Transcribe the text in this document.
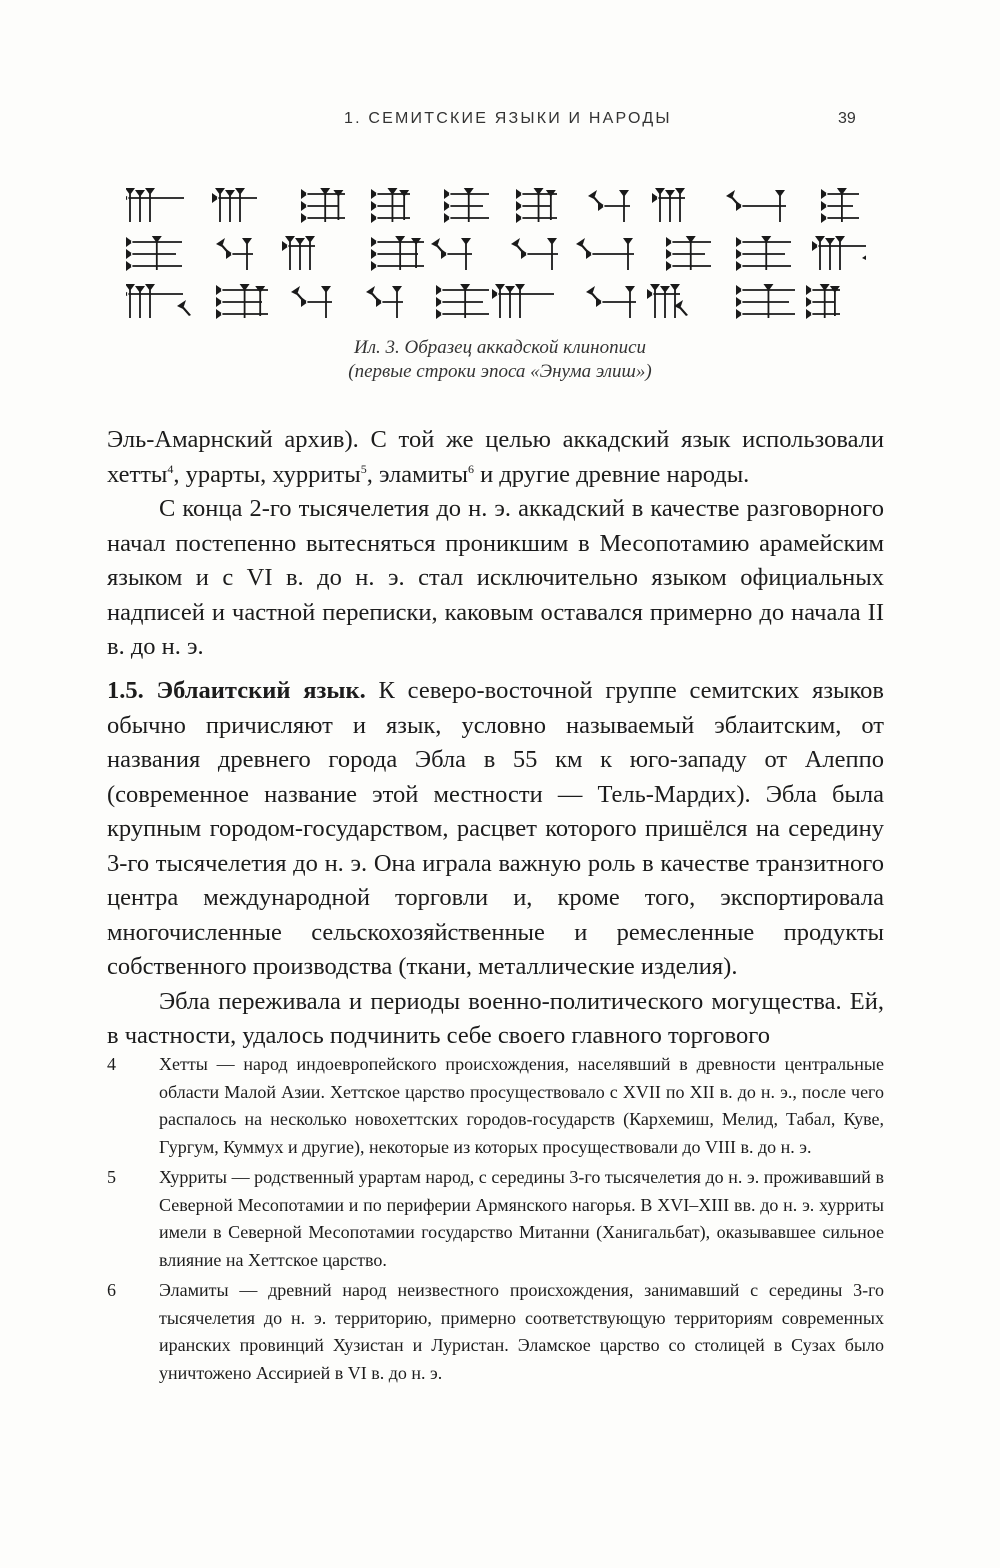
1. СЕМИТСКИЕ ЯЗЫКИ И НАРОДЫ	39
Ил. 3. Образец аккадской клинописи
(первые строки эпоса «Энума элиш»)

Эль-Амарнский архив). С той же целью аккадский язык использовали хетты$^4$, урарты, хурриты$^5$, эламиты$^6$ и другие древние народы.

С конца 2-го тысячелетия до н. э. аккадский в качестве разговорного начал постепенно вытесняться проникшим в Месопотамию арамейским языком и с VI в. до н. э. стал исключительно языком официальных надписей и частной переписки, каковым оставался примерно до начала II в. до н. э.

1.5. Эблаитский язык. К северо-восточной группе семитских языков обычно причисляют и язык, условно называемый эблаитским, от названия древнего города Эбла в 55 км к юго-западу от Алеппо (современное название этой местности — Тель-Мардих). Эбла была крупным городом-государством, расцвет которого пришёлся на середину 3-го тысячелетия до н. э. Она играла важную роль в качестве транзитного центра международной торговли и, кроме того, экспортировала многочисленные сельскохозяйственные и ремесленные продукты собственного производства (ткани, металлические изделия).

Эбла переживала и периоды военно-политического могущества. Ей, в частности, удалось подчинить себе своего главного торгового

4	Хетты — народ индоевропейского происхождения, населявший в древности центральные области Малой Азии. Хеттское царство просуществовало с XVII по XII в. до н. э., после чего распалось на несколько новохеттских городов-государств (Кархемиш, Мелид, Табал, Куве, Гургум, Куммух и другие), некоторые из которых просуществовали до VIII в. до н. э.
5	Хурриты — родственный урартам народ, с середины 3-го тысячелетия до н. э. проживавший в Северной Месопотамии и по периферии Армянского нагорья. В XVI–XIII вв. до н. э. хурриты имели в Северной Месопотамии государство Митанни (Ханигальбат), оказывавшее сильное влияние на Хеттское царство.
6	Эламиты — древний народ неизвестного происхождения, занимавший с середины 3-го тысячелетия до н. э. территорию, примерно соответствующую территориям современных иранских провинций Хузистан и Луристан. Эламское царство со столицей в Сузах было уничтожено Ассирией в VI в. до н. э.
